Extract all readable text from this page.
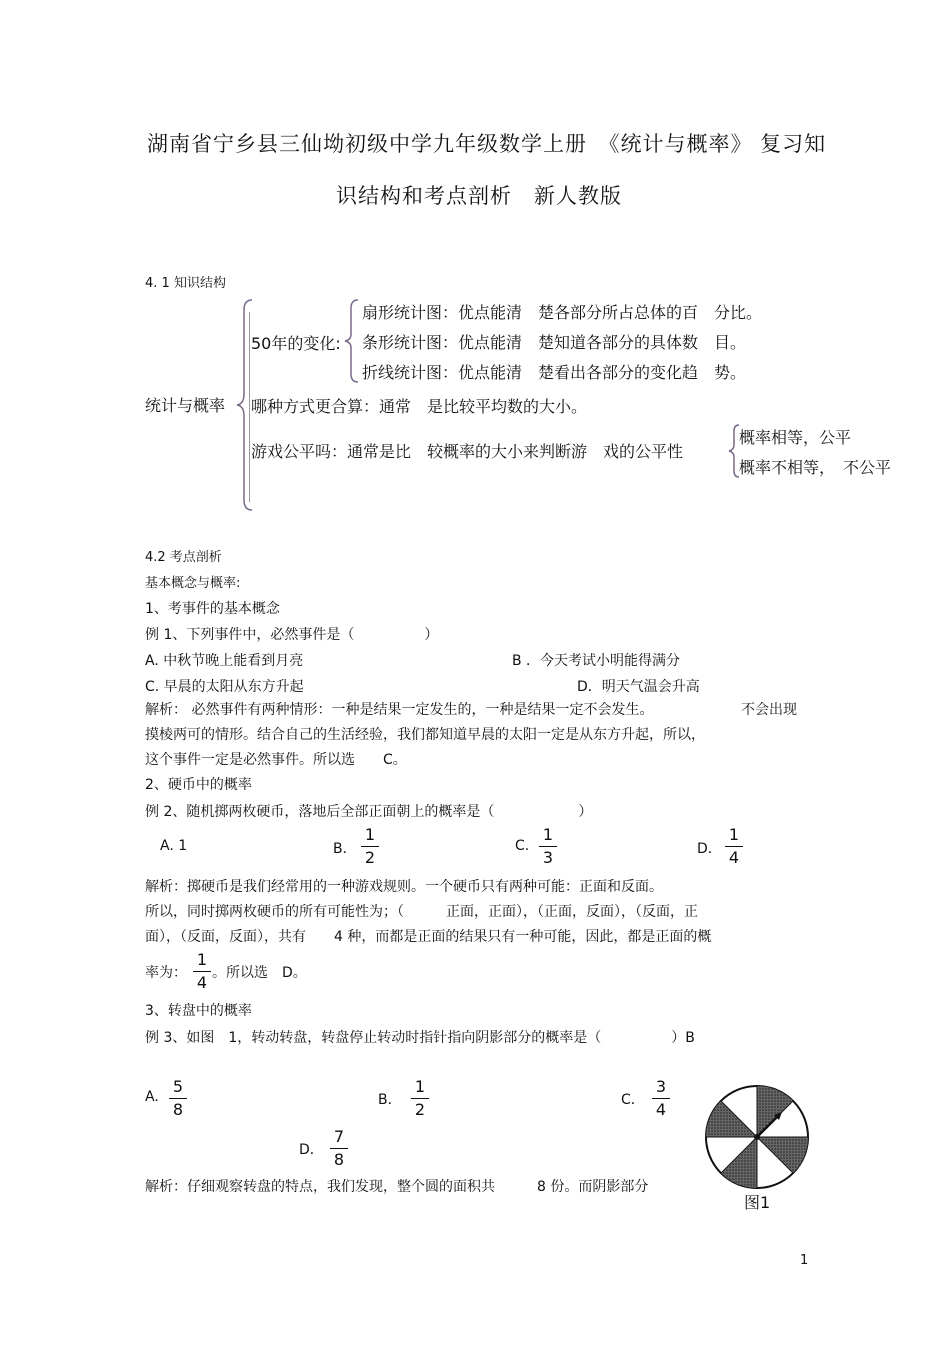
湖南省宁乡县三仙坳初级中学九年级数学上册　《统计与概率》 复习知
识结构和考点剖析　新人教版
4. 1 知识结构
统计与概率
50年的变化:
扇形统计图：优点能清　楚各部分所占总体的百　分比。
条形统计图：优点能清　楚知道各部分的具体数　目。
折线统计图：优点能清　楚看出各部分的变化趋　势。
哪种方式更合算：通常　是比较平均数的大小。
游戏公平吗：通常是比　较概率的大小来判断游　戏的公平性
概率相等，公平
概率不相等，　不公平
4.2 考点剖析
基本概念与概率:
1、考事件的基本概念
例 1、下列事件中，必然事件是（　　　　　）
A. 中秋节晚上能看到月亮	B ．今天考试小明能得满分
C. 早晨的太阳从东方升起	D．明天气温会升高
解析： 必然事件有两种情形：一种是结果一定发生的，一种是结果一定不会发生。	不会出现
摸棱两可的情形。结合自己的生活经验，我们都知道早晨的太阳一定是从东方升起，所以，
这个事件一定是必然事件。所以选　　C。
2、硬币中的概率
例 2、随机掷两枚硬币，落地后全部正面朝上的概率是（　　　　　　）
A. 1	B．
1
2
C.
1
3	D．
1
4
解析：掷硬币是我们经常用的一种游戏规则。一个硬币只有两种可能：正面和反面。
所以，同时掷两枚硬币的所有可能性为；（　　　正面，正面），（正面，反面），（反面，正
面），（反面，反面），共有　　4 种，而都是正面的结果只有一种可能，因此，都是正面的概
率为：
1
4 。所以选　D。
3、转盘中的概率
例 3、如图　1，转动转盘，转盘停止转动时指针指向阴影部分的概率是（　　　　　）B
A.
5
8	B．
1
2	C．
3
4
D．
7
8
解析：仔细观察转盘的特点，我们发现，整个圆的面积共　　　8 份。而阴影部分
图1
1
